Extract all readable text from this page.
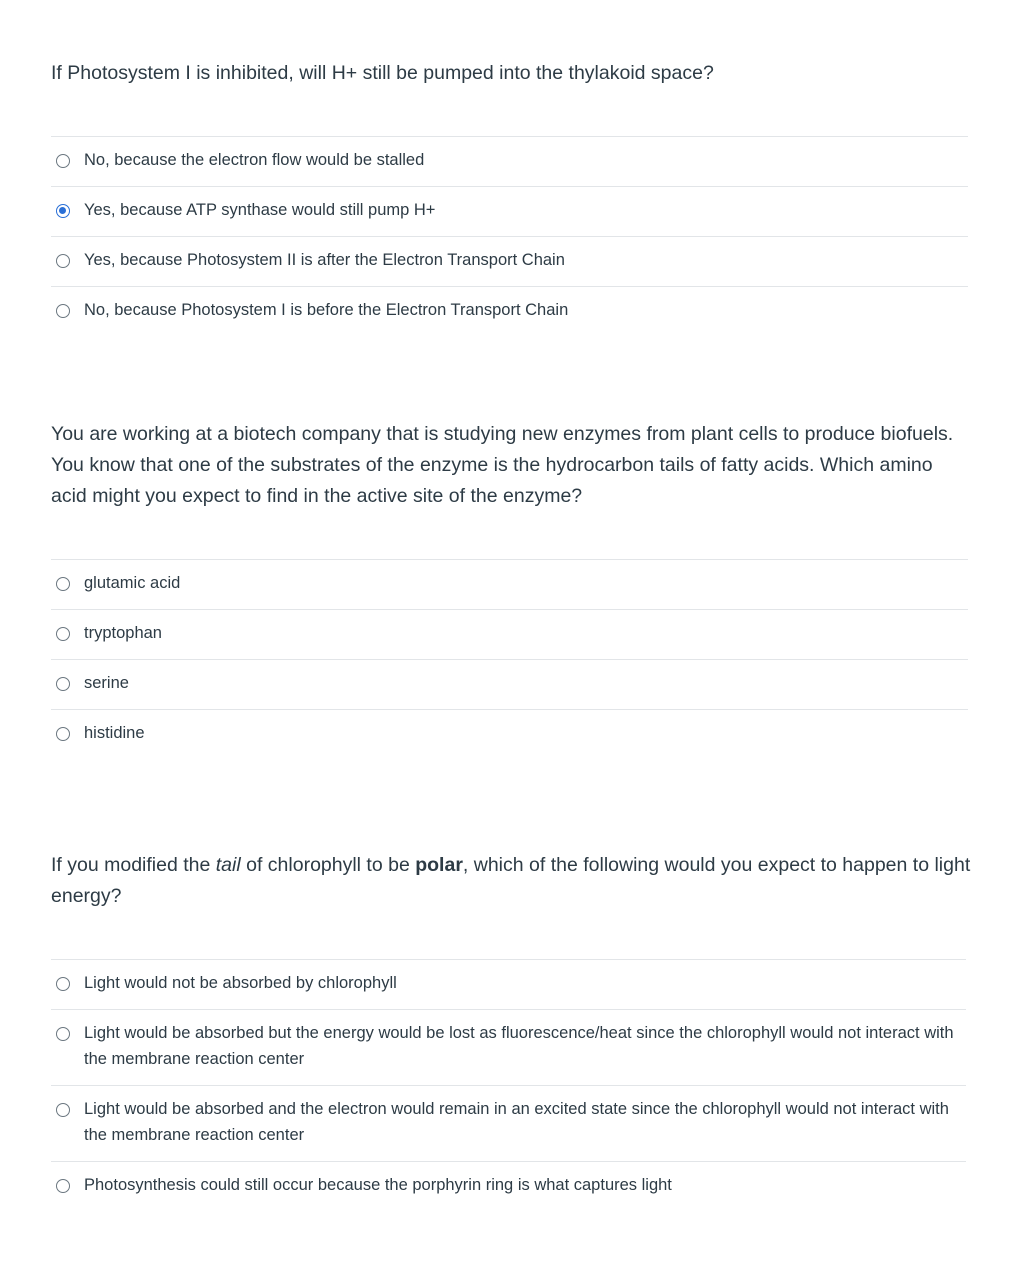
If Photosystem I is inhibited, will H+ still be pumped into the thylakoid space?

No, because the electron flow would be stalled
Yes, because ATP synthase would still pump H+
Yes, because Photosystem II is after the Electron Transport Chain
No, because Photosystem I is before the Electron Transport Chain

You are working at a biotech company that is studying new enzymes from plant cells to produce biofuels. You know that one of the substrates of the enzyme is the hydrocarbon tails of fatty acids. Which amino acid might you expect to find in the active site of the enzyme?

glutamic acid
tryptophan
serine
histidine

If you modified the tail of chlorophyll to be polar, which of the following would you expect to happen to light energy?

Light would not be absorbed by chlorophyll
Light would be absorbed but the energy would be lost as fluorescence/heat since the chlorophyll would not interact with the membrane reaction center
Light would be absorbed and the electron would remain in an excited state since the chlorophyll would not interact with the membrane reaction center
Photosynthesis could still occur because the porphyrin ring is what captures light
